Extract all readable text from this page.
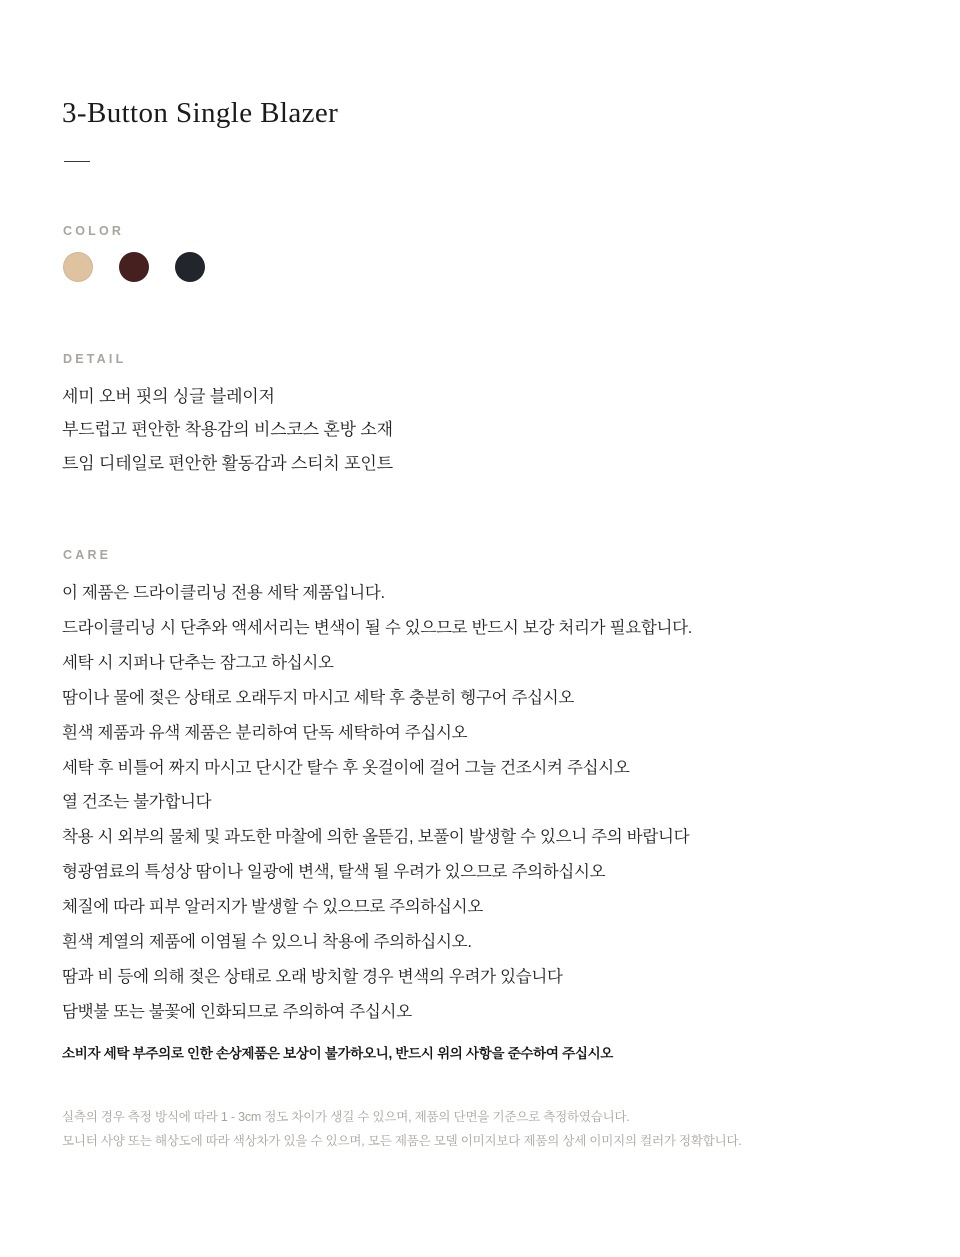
3-Button Single Blazer
COLOR
DETAIL
세미 오버 핏의 싱글 블레이저
부드럽고 편안한 착용감의 비스코스 혼방 소재
트임 디테일로 편안한 활동감과 스티치 포인트
CARE
이 제품은 드라이클리닝 전용 세탁 제품입니다.
드라이클리닝 시 단추와 액세서리는 변색이 될 수 있으므로 반드시 보강 처리가 필요합니다.
세탁 시 지퍼나 단추는 잠그고 하십시오
땀이나 물에 젖은 상태로 오래두지 마시고 세탁 후 충분히 헹구어 주십시오
흰색 제품과 유색 제품은 분리하여 단독 세탁하여 주십시오
세탁 후 비틀어 짜지 마시고 단시간 탈수 후 옷걸이에 걸어 그늘 건조시켜 주십시오
열 건조는 불가합니다
착용 시 외부의 물체 및 과도한 마찰에 의한 올뜯김, 보풀이 발생할 수 있으니 주의 바랍니다
형광염료의 특성상 땀이나 일광에 변색, 탈색 될 우려가 있으므로 주의하십시오
체질에 따라 피부 알러지가 발생할 수 있으므로 주의하십시오
흰색 계열의 제품에 이염될 수 있으니 착용에 주의하십시오.
땀과 비 등에 의해 젖은 상태로 오래 방치할 경우 변색의 우려가 있습니다
담뱃불 또는 불꽃에 인화되므로 주의하여 주십시오
소비자 세탁 부주의로 인한 손상제품은 보상이 불가하오니, 반드시 위의 사항을 준수하여 주십시오
실측의 경우 측정 방식에 따라 1 - 3cm 정도 차이가 생길 수 있으며, 제품의 단면을 기준으로 측정하였습니다.
모니터 사양 또는 해상도에 따라 색상차가 있을 수 있으며, 모든 제품은 모델 이미지보다 제품의 상세 이미지의 컬러가 정확합니다.
